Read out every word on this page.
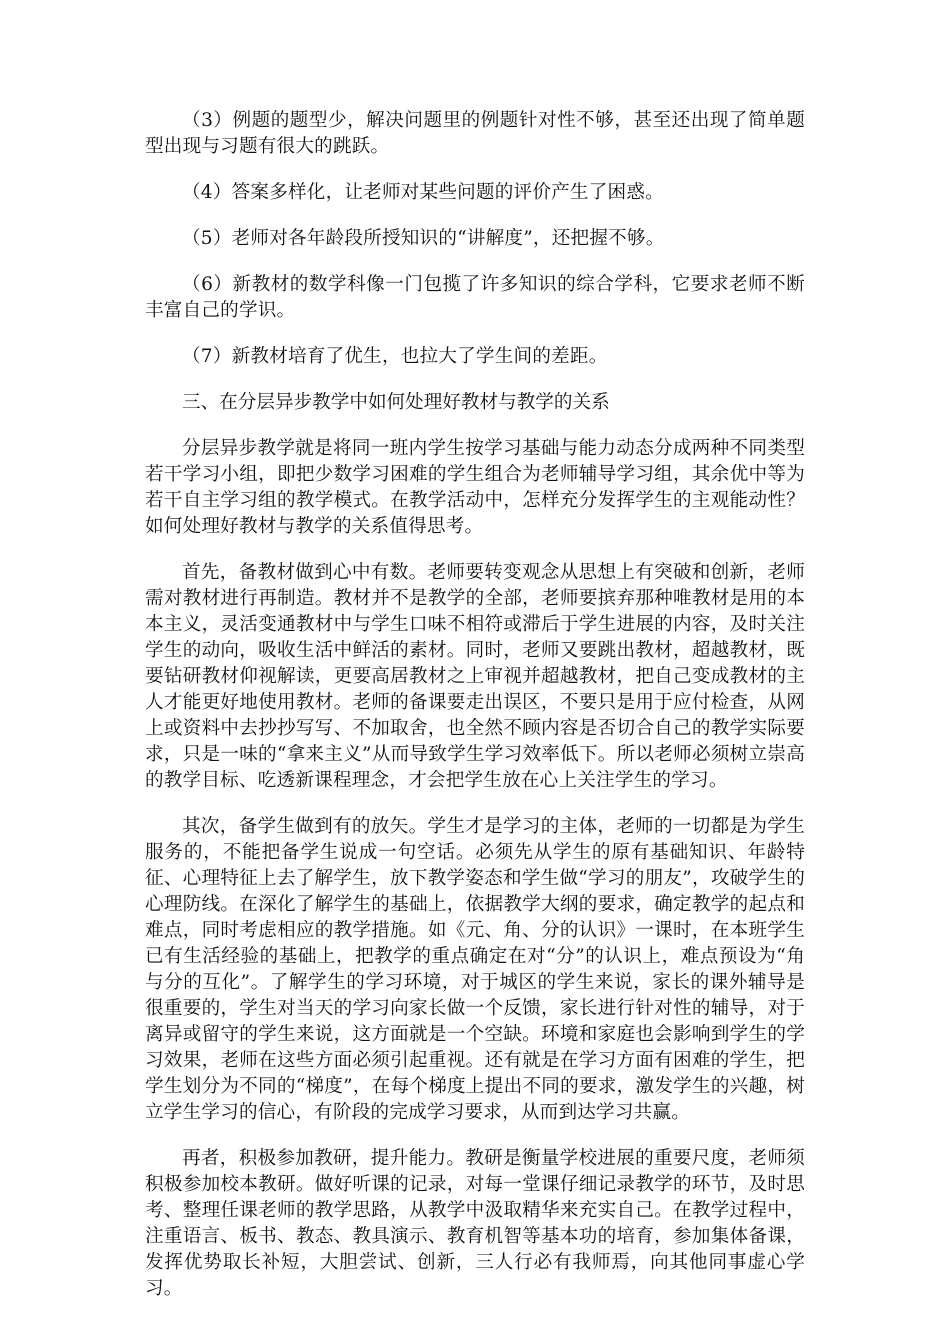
（3）例题的题型少，解决问题里的例题针对性不够，甚至还出现了简单题型出现与习题有很大的跳跃。

（4）答案多样化，让老师对某些问题的评价产生了困惑。

（5）老师对各年龄段所授知识的“讲解度”，还把握不够。

（6）新教材的数学科像一门包揽了许多知识的综合学科，它要求老师不断丰富自己的学识。

（7）新教材培育了优生，也拉大了学生间的差距。

三、在分层异步教学中如何处理好教材与教学的关系

分层异步教学就是将同一班内学生按学习基础与能力动态分成两种不同类型若干学习小组，即把少数学习困难的学生组合为老师辅导学习组，其余优中等为若干自主学习组的教学模式。在教学活动中，怎样充分发挥学生的主观能动性？如何处理好教材与教学的关系值得思考。

首先，备教材做到心中有数。老师要转变观念从思想上有突破和创新，老师需对教材进行再制造。教材并不是教学的全部，老师要摈弃那种唯教材是用的本本主义，灵活变通教材中与学生口味不相符或滞后于学生进展的内容，及时关注学生的动向，吸收生活中鲜活的素材。同时，老师又要跳出教材，超越教材，既要钻研教材仰视解读，更要高居教材之上审视并超越教材，把自己变成教材的主人才能更好地使用教材。老师的备课要走出误区，不要只是用于应付检查，从网上或资料中去抄抄写写、不加取舍，也全然不顾内容是否切合自己的教学实际要求，只是一味的“拿来主义”从而导致学生学习效率低下。所以老师必须树立崇高的教学目标、吃透新课程理念，才会把学生放在心上关注学生的学习。

其次，备学生做到有的放矢。学生才是学习的主体，老师的一切都是为学生服务的，不能把备学生说成一句空话。必须先从学生的原有基础知识、年龄特征、心理特征上去了解学生，放下教学姿态和学生做“学习的朋友”，攻破学生的心理防线。在深化了解学生的基础上，依据教学大纲的要求，确定教学的起点和难点，同时考虑相应的教学措施。如《元、角、分的认识》一课时，在本班学生已有生活经验的基础上，把教学的重点确定在对“分”的认识上，难点预设为“角与分的互化”。了解学生的学习环境，对于城区的学生来说，家长的课外辅导是很重要的，学生对当天的学习向家长做一个反馈，家长进行针对性的辅导，对于离异或留守的学生来说，这方面就是一个空缺。环境和家庭也会影响到学生的学习效果，老师在这些方面必须引起重视。还有就是在学习方面有困难的学生，把学生划分为不同的“梯度”，在每个梯度上提出不同的要求，激发学生的兴趣，树立学生学习的信心，有阶段的完成学习要求，从而到达学习共赢。

再者，积极参加教研，提升能力。教研是衡量学校进展的重要尺度，老师须积极参加校本教研。做好听课的记录，对每一堂课仔细记录教学的环节，及时思考、整理任课老师的教学思路，从教学中汲取精华来充实自己。在教学过程中，注重语言、板书、教态、教具演示、教育机智等基本功的培育，参加集体备课，发挥优势取长补短，大胆尝试、创新，三人行必有我师焉，向其他同事虚心学习。
